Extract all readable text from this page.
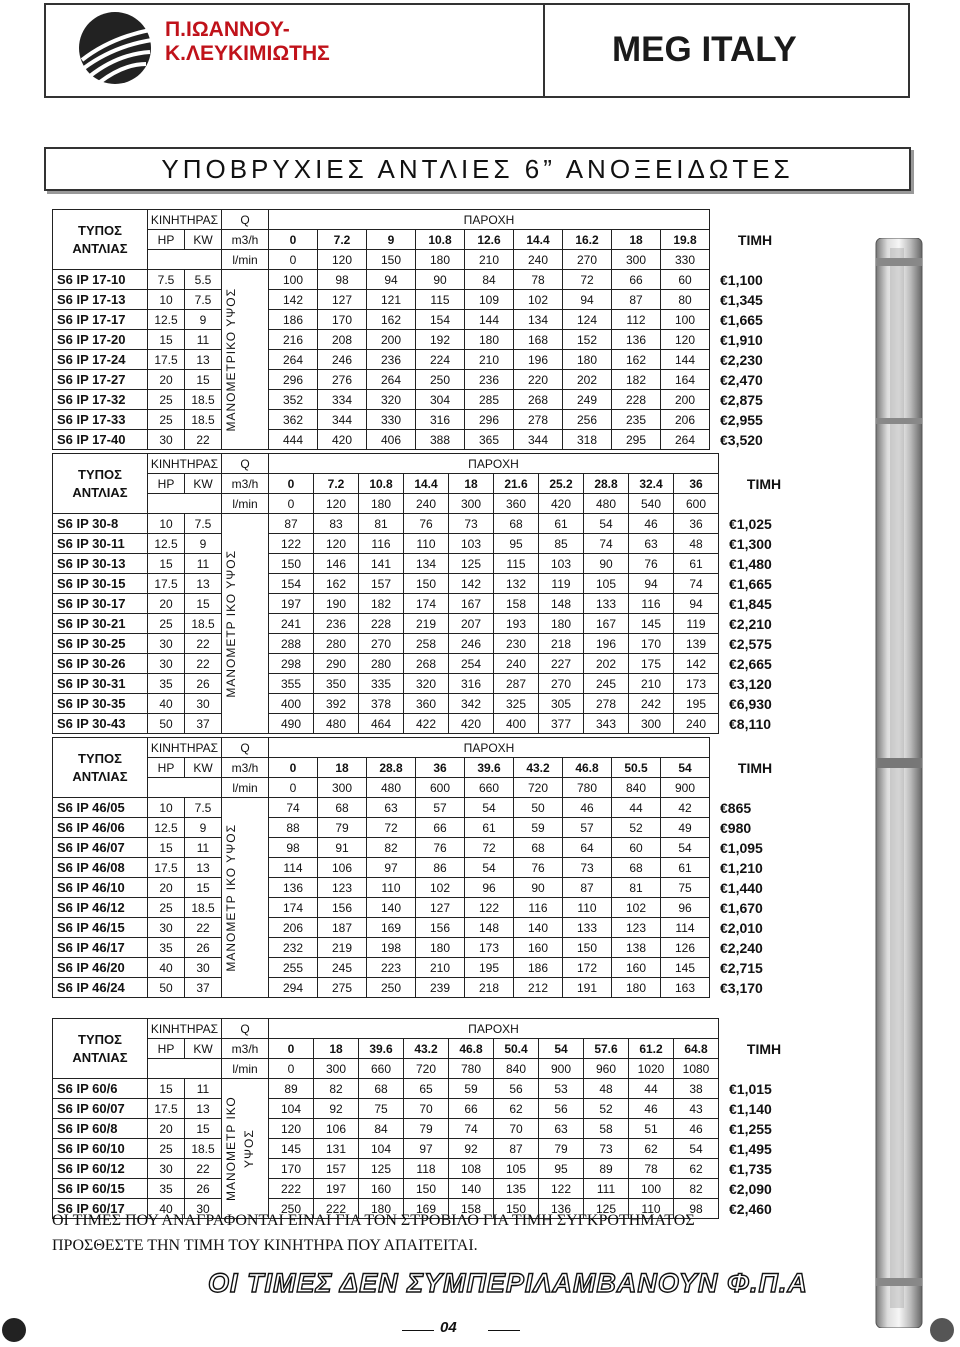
Π.ΙΩΑΝΝΟΥ-
Κ.ΛΕΥΚΙΜΙΩΤΗΣ	MEG ITALY
ΥΠΟΒΡΥΧΙΕΣ ΑΝΤΛΙΕΣ 6” ΑΝΟΞΕΙΔΩΤΕΣ
ΤΥΠΟΣ
ΑΝΤΛΙΑΣ	ΚΙΝΗΤΗΡΑΣ		Q	ΠΑΡΟΧΗ									ΤΙΜΗ
	HP	KW	m3/h	0	7.2	9	10.8	12.6	14.4	16.2	18	19.8	
			l/min	0	120	150	180	210	240	270	300	330	
S6 IP 17-10	7.5	5.5	ΜΑΝΟΜΕΤΡΙΚΟ ΥΨΟΣ	100	98	94	90	84	78	72	66	60	€1,100
S6 IP 17-13	10	7.5		142	127	121	115	109	102	94	87	80	€1,345
S6 IP 17-17	12.5	9		186	170	162	154	144	134	124	112	100	€1,665
S6 IP 17-20	15	11		216	208	200	192	180	168	152	136	120	€1,910
S6 IP 17-24	17.5	13		264	246	236	224	210	196	180	162	144	€2,230
S6 IP 17-27	20	15		296	276	264	250	236	220	202	182	164	€2,470
S6 IP 17-32	25	18.5		352	334	320	304	285	268	249	228	200	€2,875
S6 IP 17-33	25	18.5		362	344	330	316	296	278	256	235	206	€2,955
S6 IP 17-40	30	22		444	420	406	388	365	344	318	295	264	€3,520
ΤΥΠΟΣ
ΑΝΤΛΙΑΣ	ΚΙΝΗΤΗΡΑΣ		Q	ΠΑΡΟΧΗ										ΤΙΜΗ
	HP	KW	m3/h	0	7.2	10.8	14.4	18	21.6	25.2	28.8	32.4	36	
			l/min	0	120	180	240	300	360	420	480	540	600	
S6 IP 30-8	10	7.5	ΜΑΝΟΜΕΤΡ ΙΚΟ ΥΨΟΣ	87	83	81	76	73	68	61	54	46	36	€1,025
S6 IP 30-11	12.5	9		122	120	116	110	103	95	85	74	63	48	€1,300
S6 IP 30-13	15	11		150	146	141	134	125	115	103	90	76	61	€1,480
S6 IP 30-15	17.5	13		154	162	157	150	142	132	119	105	94	74	€1,665
S6 IP 30-17	20	15		197	190	182	174	167	158	148	133	116	94	€1,845
S6 IP 30-21	25	18.5		241	236	228	219	207	193	180	167	145	119	€2,210
S6 IP 30-25	30	22		288	280	270	258	246	230	218	196	170	139	€2,575
S6 IP 30-26	30	22		298	290	280	268	254	240	227	202	175	142	€2,665
S6 IP 30-31	35	26		355	350	335	320	316	287	270	245	210	173	€3,120
S6 IP 30-35	40	30		400	392	378	360	342	325	305	278	242	195	€6,930
S6 IP 30-43	50	37		490	480	464	422	420	400	377	343	300	240	€8,110
ΤΥΠΟΣ
ΑΝΤΛΙΑΣ	ΚΙΝΗΤΗΡΑΣ		Q	ΠΑΡΟΧΗ									ΤΙΜΗ
	HP	KW	m3/h	0	18	28.8	36	39.6	43.2	46.8	50.5	54	
			l/min	0	300	480	600	660	720	780	840	900	
S6 IP 46/05	10	7.5	ΜΑΝΟΜΕΤΡ ΙΚΟ ΥΨΟΣ	74	68	63	57	54	50	46	44	42	€865
S6 IP 46/06	12.5	9		88	79	72	66	61	59	57	52	49	€980
S6 IP 46/07	15	11		98	91	82	76	72	68	64	60	54	€1,095
S6 IP 46/08	17.5	13		114	106	97	86	54	76	73	68	61	€1,210
S6 IP 46/10	20	15		136	123	110	102	96	90	87	81	75	€1,440
S6 IP 46/12	25	18.5		174	156	140	127	122	116	110	102	96	€1,670
S6 IP 46/15	30	22		206	187	169	156	148	140	133	123	114	€2,010
S6 IP 46/17	35	26		232	219	198	180	173	160	150	138	126	€2,240
S6 IP 46/20	40	30		255	245	223	210	195	186	172	160	145	€2,715
S6 IP 46/24	50	37		294	275	250	239	218	212	191	180	163	€3,170
ΤΥΠΟΣ
ΑΝΤΛΙΑΣ	ΚΙΝΗΤΗΡΑΣ		Q	ΠΑΡΟΧΗ										ΤΙΜΗ
	HP	KW	m3/h	0	18	39.6	43.2	46.8	50.4	54	57.6	61.2	64.8	
			l/min	0	300	660	720	780	840	900	960	1020	1080	
S6 IP 60/6	15	11	ΜΑΝΟΜΕΤΡ ΙΚΟ ΥΨΟΣ	89	82	68	65	59	56	53	48	44	38	€1,015
S6 IP 60/07	17.5	13		104	92	75	70	66	62	56	52	46	43	€1,140
S6 IP 60/8	20	15		120	106	84	79	74	70	63	58	51	46	€1,255
S6 IP 60/10	25	18.5		145	131	104	97	92	87	79	73	62	54	€1,495
S6 IP 60/12	30	22		170	157	125	118	108	105	95	89	78	62	€1,735
S6 IP 60/15	35	26		222	197	160	150	140	135	122	111	100	82	€2,090
S6 IP 60/17	40	30		250	222	180	169	158	150	136	125	110	98	€2,460
ΟΙ ΤΙΜΕΣ ΠΟΥ ΑΝΑΓΡΑΦΟΝΤΑΙ ΕΙΝΑΙ ΓΙΑ ΤΟΝ ΣΤΡΟΒΙΛΟ ΓΙΑ ΤΙΜΗ ΣΥΓΚΡΟΤΗΜΑΤΟΣ
ΠΡΟΣΘΕΣΤΕ ΤΗΝ ΤΙΜΗ ΤΟΥ ΚΙΝΗΤΗΡΑ ΠΟΥ ΑΠΑΙΤΕΙΤΑΙ.
ΟΙ ΤΙΜΕΣ ΔΕΝ ΣΥΜΠΕΡΙΛΑΜΒΑΝΟΥΝ Φ.Π.Α
04
